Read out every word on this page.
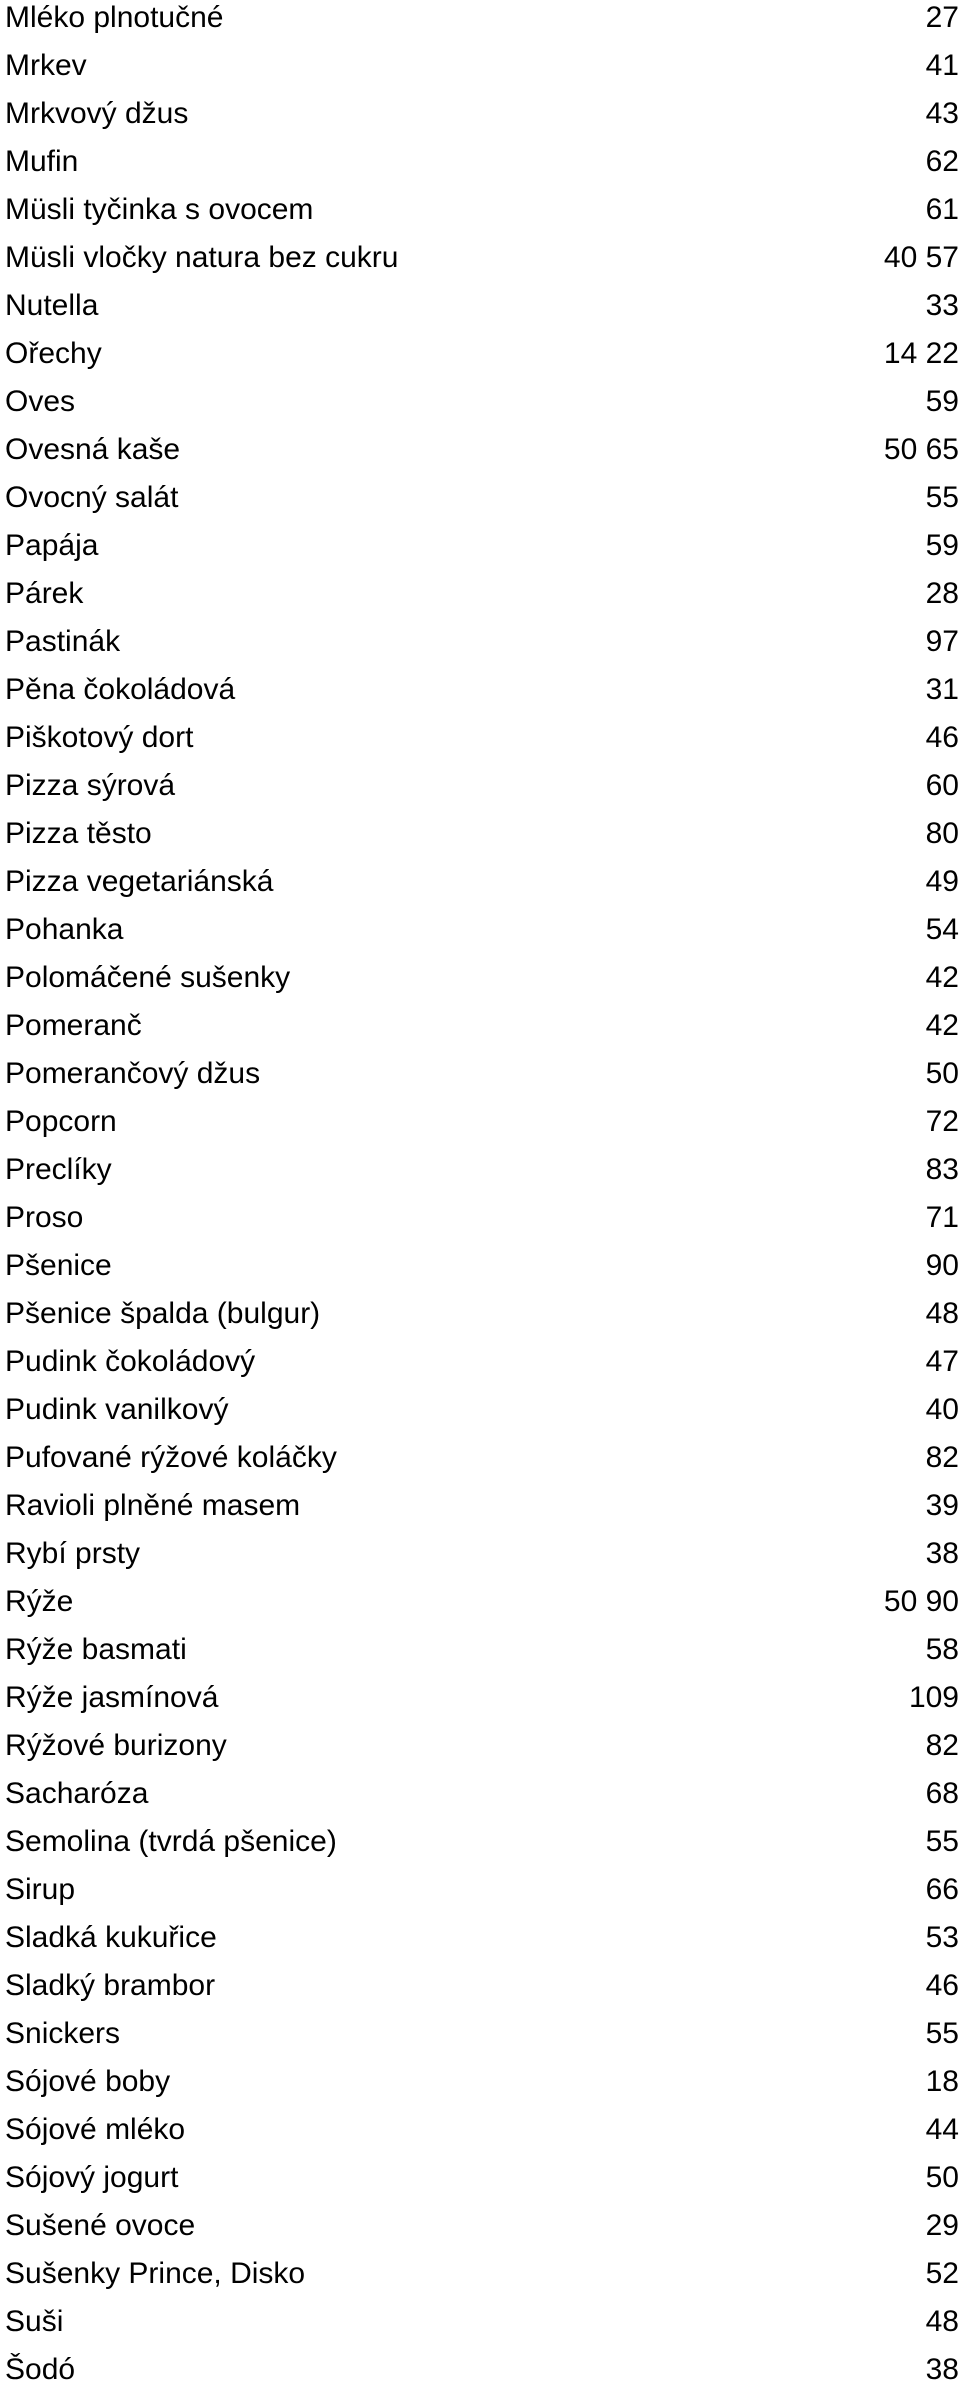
Mléko plnotučné	27
Mrkev	41
Mrkvový džus	43
Mufin	62
Müsli tyčinka s ovocem	61
Müsli vločky natura bez cukru	40 57
Nutella	33
Ořechy	14 22
Oves	59
Ovesná kaše	50 65
Ovocný salát	55
Papája	59
Párek	28
Pastinák	97
Pěna čokoládová	31
Piškotový dort	46
Pizza sýrová	60
Pizza těsto	80
Pizza vegetariánská	49
Pohanka	54
Polomáčené sušenky	42
Pomeranč	42
Pomerančový džus	50
Popcorn	72
Preclíky	83
Proso	71
Pšenice	90
Pšenice špalda (bulgur)	48
Pudink čokoládový	47
Pudink vanilkový	40
Pufované rýžové koláčky	82
Ravioli plněné masem	39
Rybí prsty	38
Rýže	50 90
Rýže basmati	58
Rýže jasmínová	109
Rýžové burizony	82
Sacharóza	68
Semolina (tvrdá pšenice)	55
Sirup	66
Sladká kukuřice	53
Sladký brambor	46
Snickers	55
Sójové boby	18
Sójové mléko	44
Sójový jogurt	50
Sušené ovoce	29
Sušenky Prince, Disko	52
Suši	48
Šodó	38
